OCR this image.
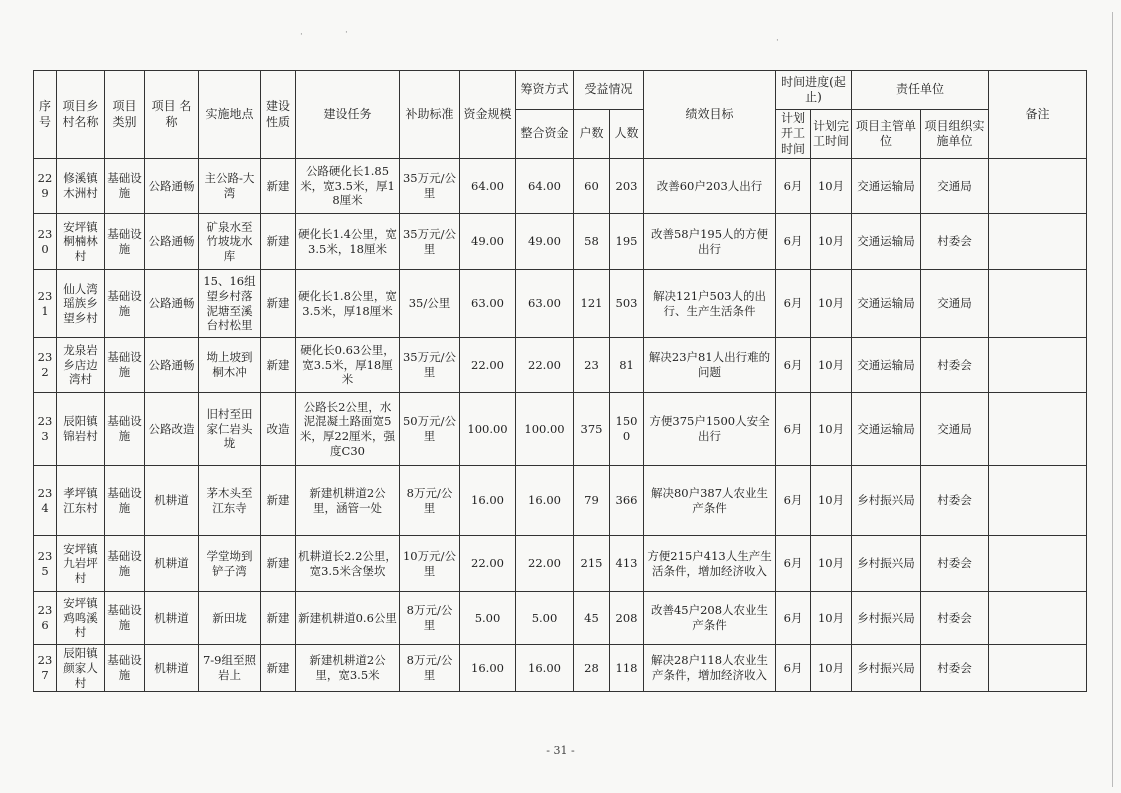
·	·
·
序号	项目乡村名称	项目类别	项目 名称	实施地点	建设性质	建设任务	补助标准	资金规模	筹资方式	受益情况		绩效目标	时间进度(起止)		责任单位		备注
									整合资金	户数	人数		计划开工时间	计划完工时间	项目主管单位	项目组织实施单位	
229	修溪镇木洲村	基础设施	公路通畅	主公路-大湾	新建	公路硬化长1.85米，宽3.5米，厚18厘米	35万元/公里	64.00	64.00	60	203	改善60户203人出行	6月	10月	交通运输局	交通局	
230	安坪镇桐楠林村	基础设施	公路通畅	矿泉水至竹坡垅水库	新建	硬化长1.4公里，宽3.5米，18厘米	35万元/公里	49.00	49.00	58	195	改善58户195人的方便出行	6月	10月	交通运输局	村委会	
231	仙人湾瑶族乡望乡村	基础设施	公路通畅	15、16组望乡村落泥塘至溪台村松里	新建	硬化长1.8公里，宽3.5米，厚18厘米	35/公里	63.00	63.00	121	503	解决121户503人的出行、生产生活条件	6月	10月	交通运输局	交通局	
232	龙泉岩乡店边湾村	基础设施	公路通畅	坳上坡到桐木冲	新建	硬化长0.63公里，宽3.5米，厚18厘米	35万元/公里	22.00	22.00	23	81	解决23户81人出行难的问题	6月	10月	交通运输局	村委会	
233	辰阳镇锦岩村	基础设施	公路改造	旧村至田家仁岩头垅	改造	公路长2公里，水泥混凝土路面宽5米，厚22厘米，强度C30	50万元/公里	100.00	100.00	375	1500	方便375户1500人安全出行	6月	10月	交通运输局	交通局	
234	孝坪镇江东村	基础设施	机耕道	茅木头至江东寺	新建	新建机耕道2公里，涵管一处	8万元/公里	16.00	16.00	79	366	解决80户387人农业生产条件	6月	10月	乡村振兴局	村委会	
235	安坪镇九岩坪村	基础设施	机耕道	学堂坳到铲子湾	新建	机耕道长2.2公里，宽3.5米含堡坎	10万元/公里	22.00	22.00	215	413	方便215户413人生产生活条件，增加经济收入	6月	10月	乡村振兴局	村委会	
236	安坪镇鸡鸣溪村	基础设施	机耕道	新田垅	新建	新建机耕道0.6公里	8万元/公里	5.00	5.00	45	208	改善45户208人农业生产条件	6月	10月	乡村振兴局	村委会	
237	辰阳镇颜家人村	基础设施	机耕道	7-9组至照岩上	新建	新建机耕道2公里，宽3.5米	8万元/公里	16.00	16.00	28	118	解决28户118人农业生产条件，增加经济收入	6月	10月	乡村振兴局	村委会	
- 31 -
